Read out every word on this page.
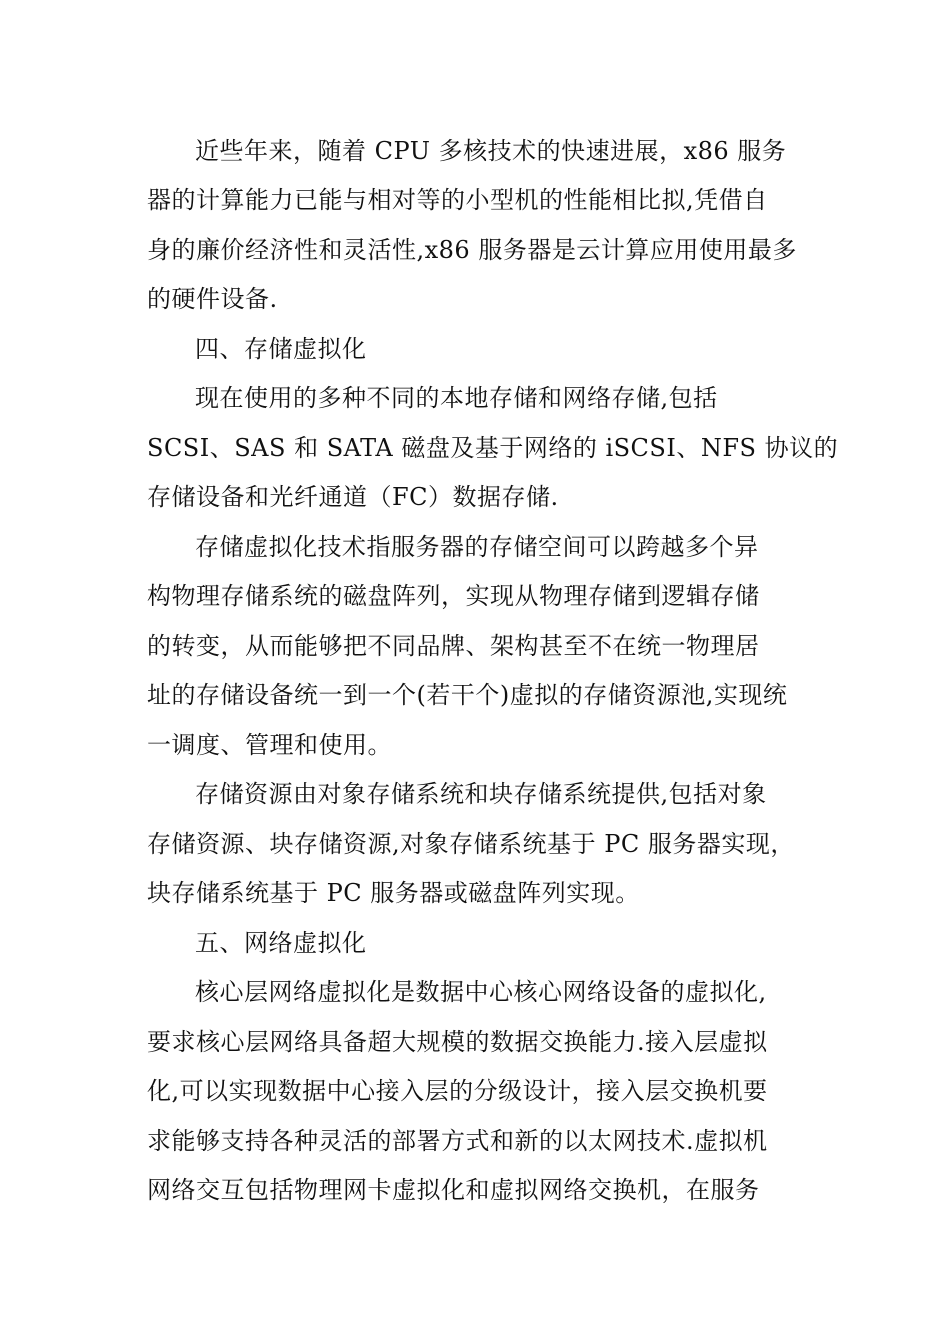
近些年来，随着 CPU 多核技术的快速进展，x86 服务
器的计算能力已能与相对等的小型机的性能相比拟,凭借自
身的廉价经济性和灵活性,x86 服务器是云计算应用使用最多
的硬件设备.
四、存储虚拟化
现在使用的多种不同的本地存储和网络存储,包括
SCSI、SAS 和 SATA 磁盘及基于网络的 iSCSI、NFS 协议的
存储设备和光纤通道（FC）数据存储.
存储虚拟化技术指服务器的存储空间可以跨越多个异
构物理存储系统的磁盘阵列，实现从物理存储到逻辑存储
的转变，从而能够把不同品牌、架构甚至不在统一物理居
址的存储设备统一到一个(若干个)虚拟的存储资源池,实现统
一调度、管理和使用。
存储资源由对象存储系统和块存储系统提供,包括对象
存储资源、块存储资源,对象存储系统基于 PC 服务器实现，
块存储系统基于 PC 服务器或磁盘阵列实现。
五、网络虚拟化
核心层网络虚拟化是数据中心核心网络设备的虚拟化,
要求核心层网络具备超大规模的数据交换能力.接入层虚拟
化,可以实现数据中心接入层的分级设计，接入层交换机要
求能够支持各种灵活的部署方式和新的以太网技术.虚拟机
网络交互包括物理网卡虚拟化和虚拟网络交换机，在服务
